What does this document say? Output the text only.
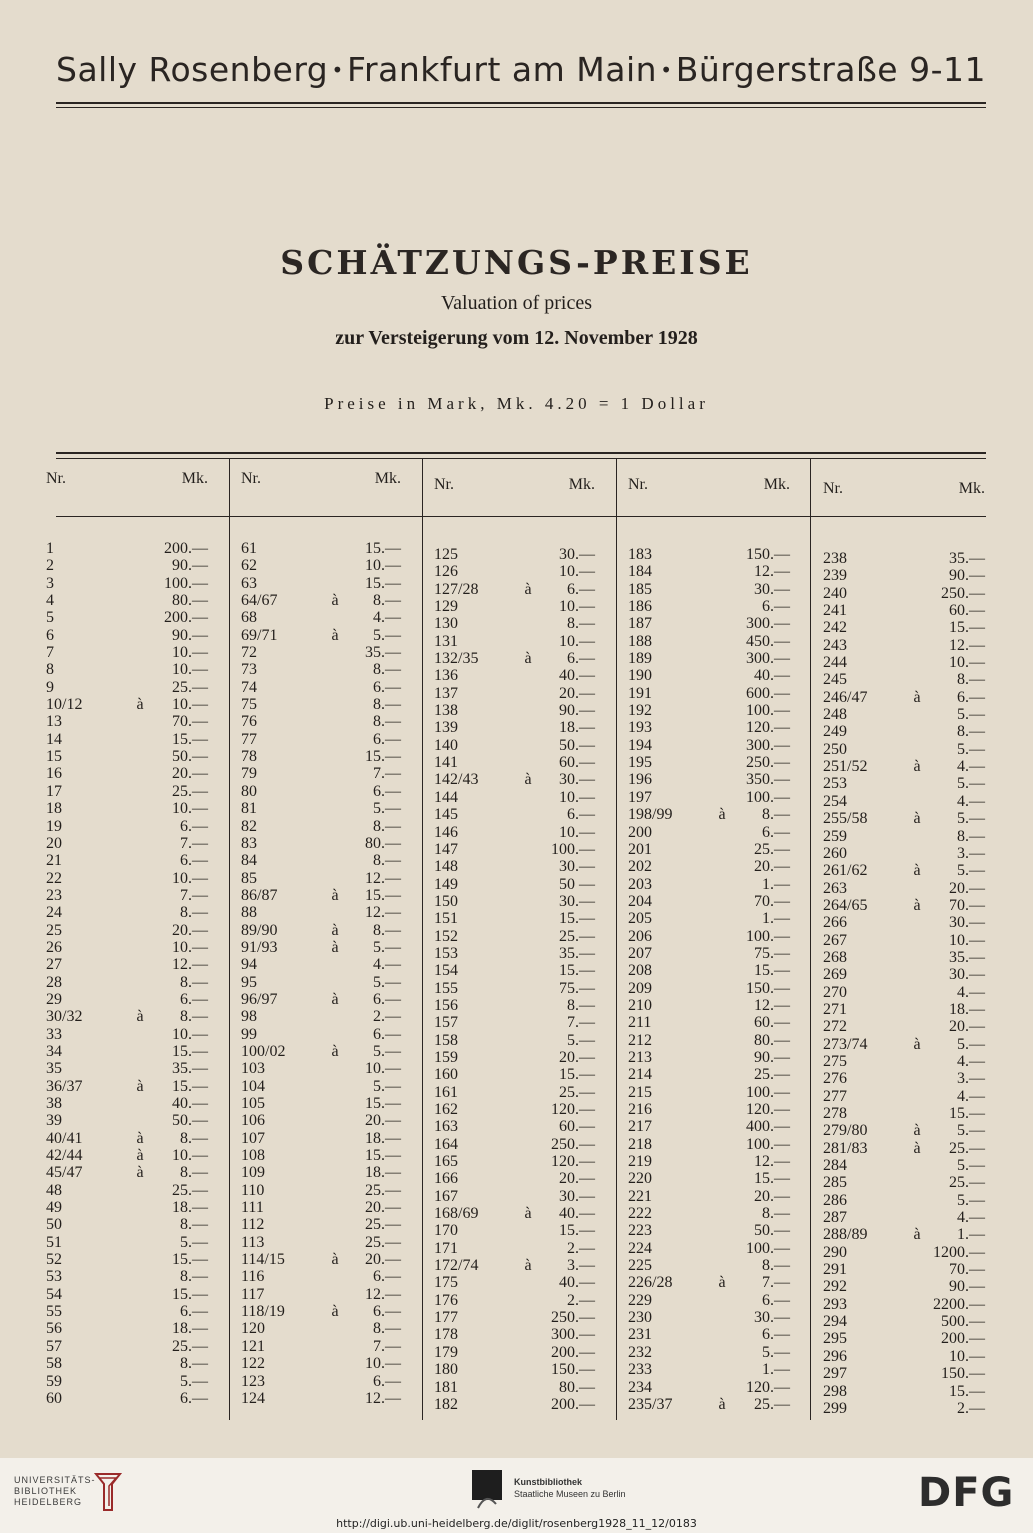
Sally Rosenberg • Frankfurt am Main • Bürgerstraße 9-11
SCHÄTZUNGS-PREISE
Valuation of prices
zur Versteigerung vom 12. November 1928
Preise in Mark, Mk. 4.20 = 1 Dollar
Nr.	Mk.
1	200.—
2	90.—
3	100.—
4	80.—
5	200.—
6	90.—
7	10.—
8	10.—
9	25.—
10/12	à	10.—
13	70.—
14	15.—
15	50.—
16	20.—
17	25.—
18	10.—
19	6.—
20	7.—
21	6.—
22	10.—
23	7.—
24	8.—
25	20.—
26	10.—
27	12.—
28	8.—
29	6.—
30/32	à	8.—
33	10.—
34	15.—
35	35.—
36/37	à	15.—
38	40.—
39	50.—
40/41	à	8.—
42/44	à	10.—
45/47	à	8.—
48	25.—
49	18.—
50	8.—
51	5.—
52	15.—
53	8.—
54	15.—
55	6.—
56	18.—
57	25.—
58	8.—
59	5.—
60	6.—
Nr.	Mk.
61	15.—
62	10.—
63	15.—
64/67	à	8.—
68	4.—
69/71	à	5.—
72	35.—
73	8.—
74	6.—
75	8.—
76	8.—
77	6.—
78	15.—
79	7.—
80	6.—
81	5.—
82	8.—
83	80.—
84	8.—
85	12.—
86/87	à	15.—
88	12.—
89/90	à	8.—
91/93	à	5.—
94	4.—
95	5.—
96/97	à	6.—
98	2.—
99	6.—
100/02	à	5.—
103	10.—
104	5.—
105	15.—
106	20.—
107	18.—
108	15.—
109	18.—
110	25.—
111	20.—
112	25.—
113	25.—
114/15	à	20.—
116	6.—
117	12.—
118/19	à	6.—
120	8.—
121	7.—
122	10.—
123	6.—
124	12.—
Nr.	Mk.
125	30.—
126	10.—
127/28	à	6.—
129	10.—
130	8.—
131	10.—
132/35	à	6.—
136	40.—
137	20.—
138	90.—
139	18.—
140	50.—
141	60.—
142/43	à	30.—
144	10.—
145	6.—
146	10.—
147	100.—
148	30.—
149	50 —
150	30.—
151	15.—
152	25.—
153	35.—
154	15.—
155	75.—
156	8.—
157	7.—
158	5.—
159	20.—
160	15.—
161	25.—
162	120.—
163	60.—
164	250.—
165	120.—
166	20.—
167	30.—
168/69	à	40.—
170	15.—
171	2.—
172/74	à	3.—
175	40.—
176	2.—
177	250.—
178	300.—
179	200.—
180	150.—
181	80.—
182	200.—
Nr.	Mk.
183	150.—
184	12.—
185	30.—
186	6.—
187	300.—
188	450.—
189	300.—
190	40.—
191	600.—
192	100.—
193	120.—
194	300.—
195	250.—
196	350.—
197	100.—
198/99	à	8.—
200	6.—
201	25.—
202	20.—
203	1.—
204	70.—
205	1.—
206	100.—
207	75.—
208	15.—
209	150.—
210	12.—
211	60.—
212	80.—
213	90.—
214	25.—
215	100.—
216	120.—
217	400.—
218	100.—
219	12.—
220	15.—
221	20.—
222	8.—
223	50.—
224	100.—
225	8.—
226/28	à	7.—
229	6.—
230	30.—
231	6.—
232	5.—
233	1.—
234	120.—
235/37	à	25.—
Nr.	Mk.
238	35.—
239	90.—
240	250.—
241	60.—
242	15.—
243	12.—
244	10.—
245	8.—
246/47	à	6.—
248	5.—
249	8.—
250	5.—
251/52	à	4.—
253	5.—
254	4.—
255/58	à	5.—
259	8.—
260	3.—
261/62	à	5.—
263	20.—
264/65	à	70.—
266	30.—
267	10.—
268	35.—
269	30.—
270	4.—
271	18.—
272	20.—
273/74	à	5.—
275	4.—
276	3.—
277	4.—
278	15.—
279/80	à	5.—
281/83	à	25.—
284	5.—
285	25.—
286	5.—
287	4.—
288/89	à	1.—
290	1200.—
291	70.—
292	90.—
293	2200.—
294	500.—
295	200.—
296	10.—
297	150.—
298	15.—
299	2.—
UNIVERSITÄTS-
BIBLIOTHEK
HEIDELBERG
Kunstbibliothek
Staatliche Museen zu Berlin	DFG
http://digi.ub.uni-heidelberg.de/diglit/rosenberg1928_11_12/0183
